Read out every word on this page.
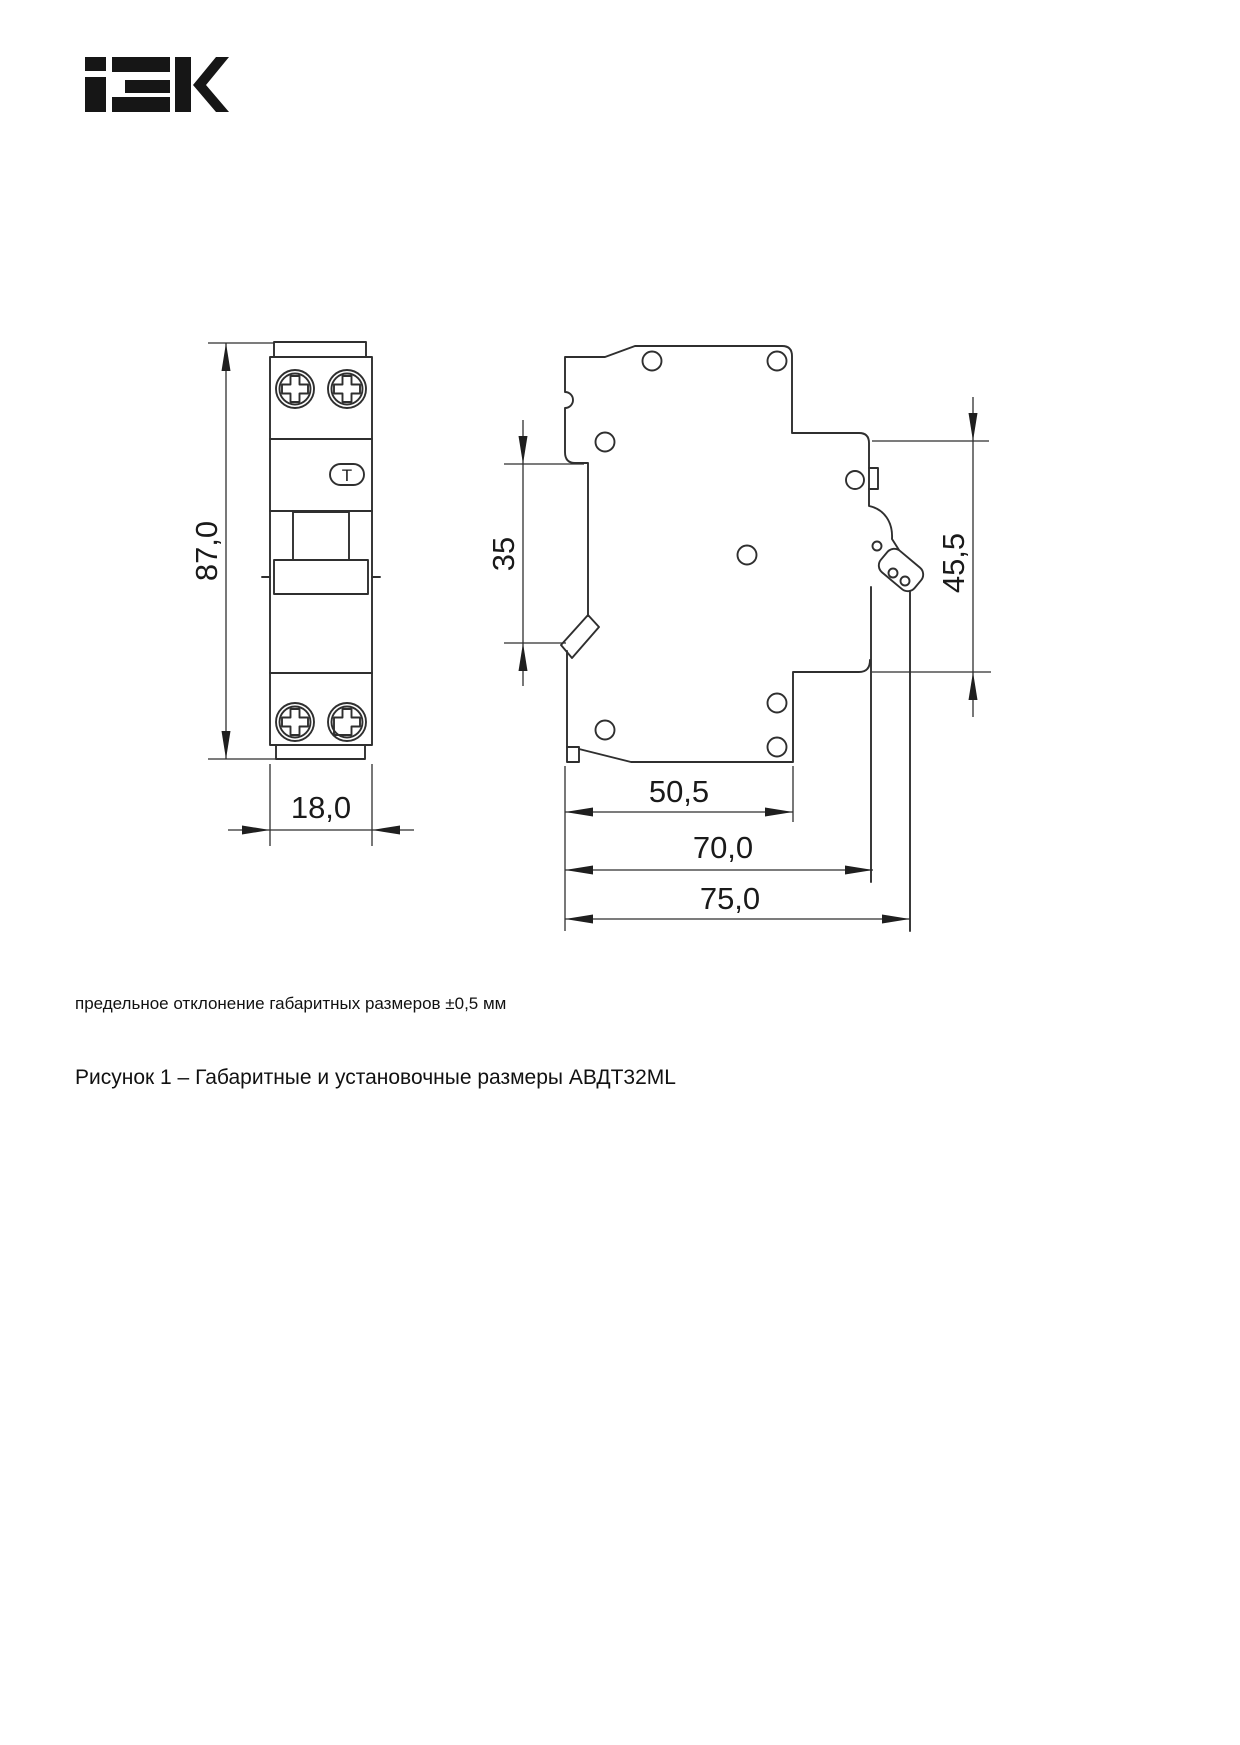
T
87,0
18,0
35	45,5
50,5
70,0
75,0
предельное отклонение габаритных размеров ±0,5 мм
Рисунок 1 – Габаритные и установочные размеры АВДТ32ML
